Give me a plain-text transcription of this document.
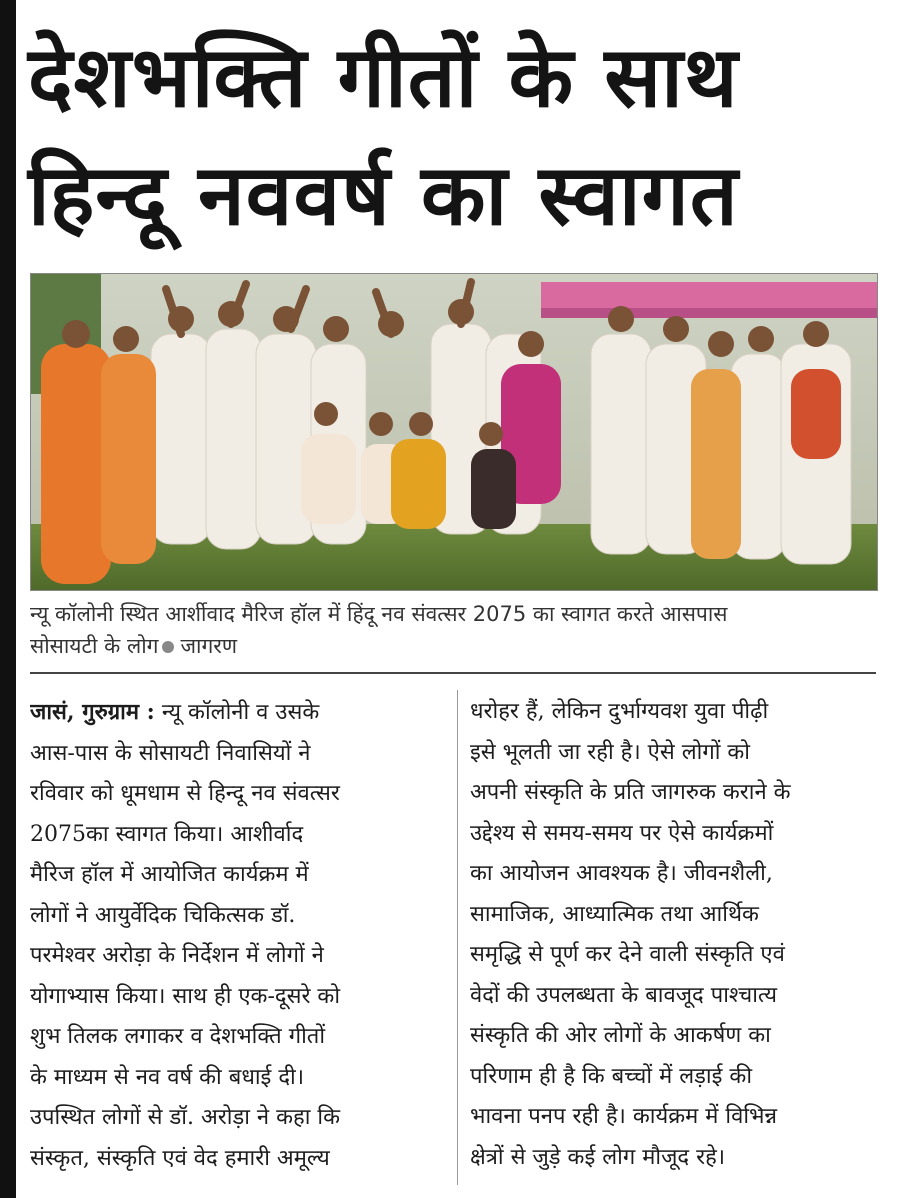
देशभक्ति गीतों के साथ
हिन्दू नववर्ष का स्वागत
न्यू कॉलोनी स्थित आर्शीवाद मैरिज हॉल में हिंदू नव संवत्सर 2075 का स्वागत करते आसपास
सोसायटी के लोग जागरण
जासं, गुरुग्राम : न्यू कॉलोनी व उसके
आस-पास के सोसायटी निवासियों ने
रविवार को धूमधाम से हिन्दू नव संवत्सर
2075का स्वागत किया। आशीर्वाद
मैरिज हॉल में आयोजित कार्यक्रम में
लोगों ने आयुर्वेदिक चिकित्सक डॉ.
परमेश्वर अरोड़ा के निर्देशन में लोगों ने
योगाभ्यास किया। साथ ही एक-दूसरे को
शुभ तिलक लगाकर व देशभक्ति गीतों
के माध्यम से नव वर्ष की बधाई दी।
उपस्थित लोगों से डॉ. अरोड़ा ने कहा कि
संस्कृत, संस्कृति एवं वेद हमारी अमूल्य
धरोहर हैं, लेकिन दुर्भाग्यवश युवा पीढ़ी
इसे भूलती जा रही है। ऐसे लोगों को
अपनी संस्कृति के प्रति जागरुक कराने के
उद्देश्य से समय-समय पर ऐसे कार्यक्रमों
का आयोजन आवश्यक है। जीवनशैली,
सामाजिक, आध्यात्मिक तथा आर्थिक
समृद्धि से पूर्ण कर देने वाली संस्कृति एवं
वेदों की उपलब्धता के बावजूद पाश्चात्य
संस्कृति की ओर लोगों के आकर्षण का
परिणाम ही है कि बच्चों में लड़ाई की
भावना पनप रही है। कार्यक्रम में विभिन्न
क्षेत्रों से जुड़े कई लोग मौजूद रहे।
